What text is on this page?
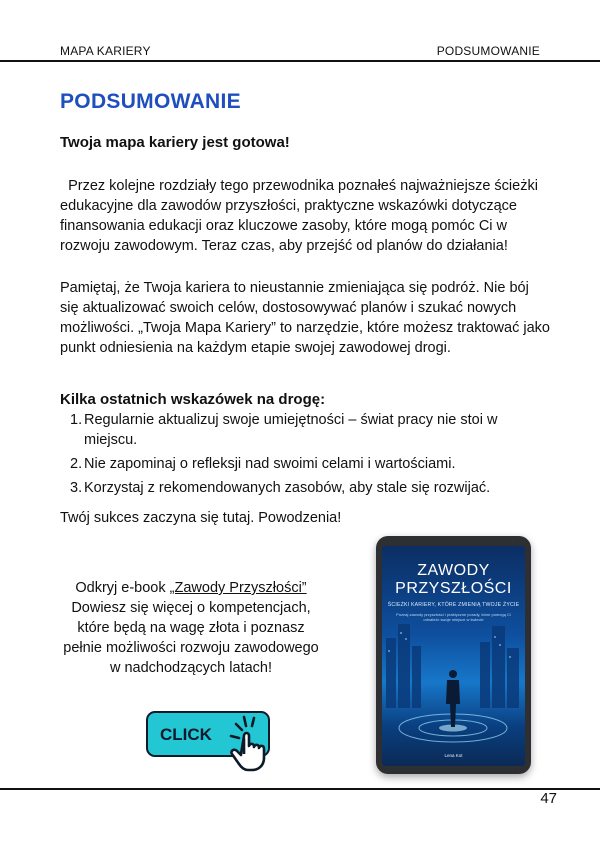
MAPA KARIERY	PODSUMOWANIE
PODSUMOWANIE
Twoja mapa kariery jest gotowa!
Przez kolejne rozdziały tego przewodnika poznałeś najważniejsze ścieżki edukacyjne dla zawodów przyszłości, praktyczne wskazówki dotyczące finansowania edukacji oraz kluczowe zasoby, które mogą pomóc Ci w rozwoju zawodowym. Teraz czas, aby przejść od planów do działania!
Pamiętaj, że Twoja kariera to nieustannie zmieniająca się podróż. Nie bój się aktualizować swoich celów, dostosowywać planów i szukać nowych możliwości. „Twoja Mapa Kariery” to narzędzie, które możesz traktować jako punkt odniesienia na każdym etapie swojej zawodowej drogi.
Kilka ostatnich wskazówek na drogę:
1. Regularnie aktualizuj swoje umiejętności – świat pracy nie stoi w miejscu.
2. Nie zapominaj o refleksji nad swoimi celami i wartościami.
3. Korzystaj z rekomendowanych zasobów, aby stale się rozwijać.
Twój sukces zaczyna się tutaj. Powodzenia!
Odkryj e-book „Zawody Przyszłości”
Dowiesz się więcej o kompetencjach, które będą na wagę złota i poznasz pełnie możliwości rozwoju zawodowego w nadchodzących latach!
CLICK
ZAWODY
PRZYSZŁOŚCI
ŚCIEŻKI KARIERY, KTÓRE ZMIENIĄ TWOJE ŻYCIE
Poznaj zawody przyszłości i praktyczne porady, które pomogą Ci odnaleźć swoje miejsce w świecie
Lena Kot
47
